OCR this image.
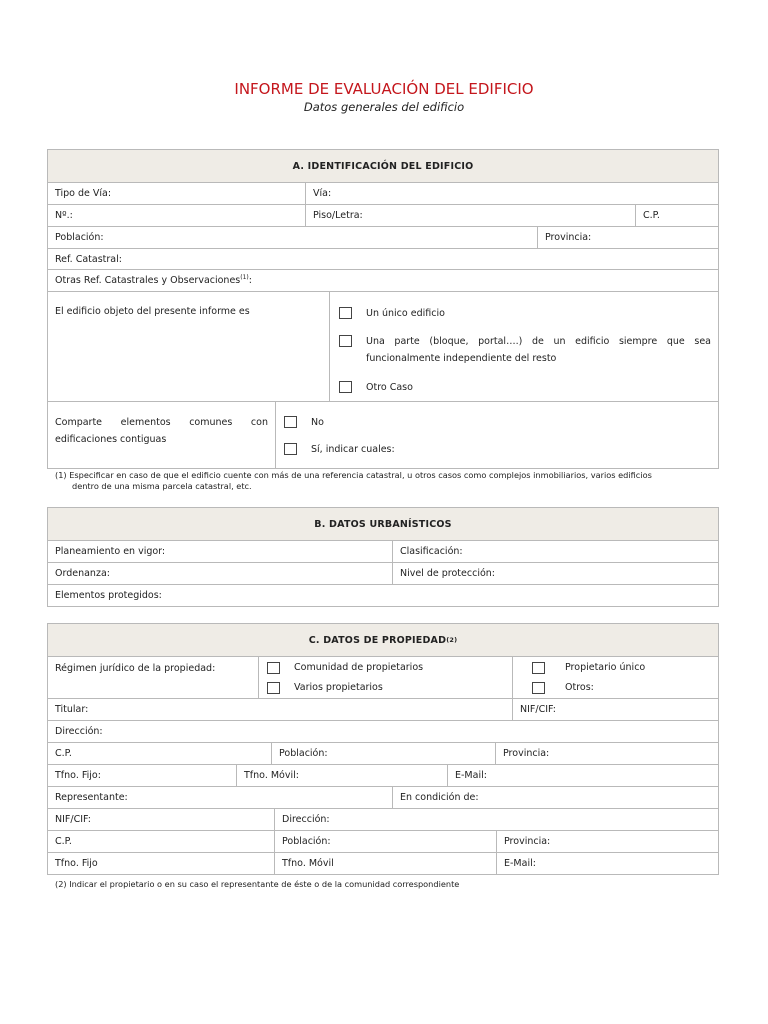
INFORME DE EVALUACIÓN DEL EDIFICIO
Datos generales del edificio
A. IDENTIFICACIÓN DEL EDIFICIO
Tipo de Vía:	Vía:
Nº.:	Piso/Letra:	C.P.
Población:	Provincia:
Ref. Catastral:
Otras Ref. Catastrales y Observaciones$^{(1)}$ :
El edificio objeto del presente informe es	Un único edificio
Una parte (bloque, portal….) de un edificio siempre que sea
funcionalmente independiente del resto
Otro Caso
Comparte elementos comunes con
edificaciones contiguas
No
Sí, indicar cuales:
(1) Especificar en caso de que el edificio cuente con más de una referencia catastral, u otros casos como complejos inmobiliarios, varios edificios
dentro de una misma parcela catastral, etc.
B. DATOS URBANÍSTICOS
Planeamiento en vigor:	Clasificación:
Ordenanza:	Nivel de protección:
Elementos protegidos:
C. DATOS DE PROPIEDAD (2)
Régimen jurídico de la propiedad:	Comunidad de propietarios
Varios propietarios
Propietario único
Otros:
Titular:	NIF/CIF:
Dirección:
C.P.	Población:	Provincia:
Tfno. Fijo:	Tfno. Móvil:	E-Mail:
Representante:	En condición de:
NIF/CIF:	Dirección:
C.P.	Población:	Provincia:
Tfno. Fijo	Tfno. Móvil	E-Mail:
(2) Indicar el propietario o en su caso el representante de éste o de la comunidad correspondiente
